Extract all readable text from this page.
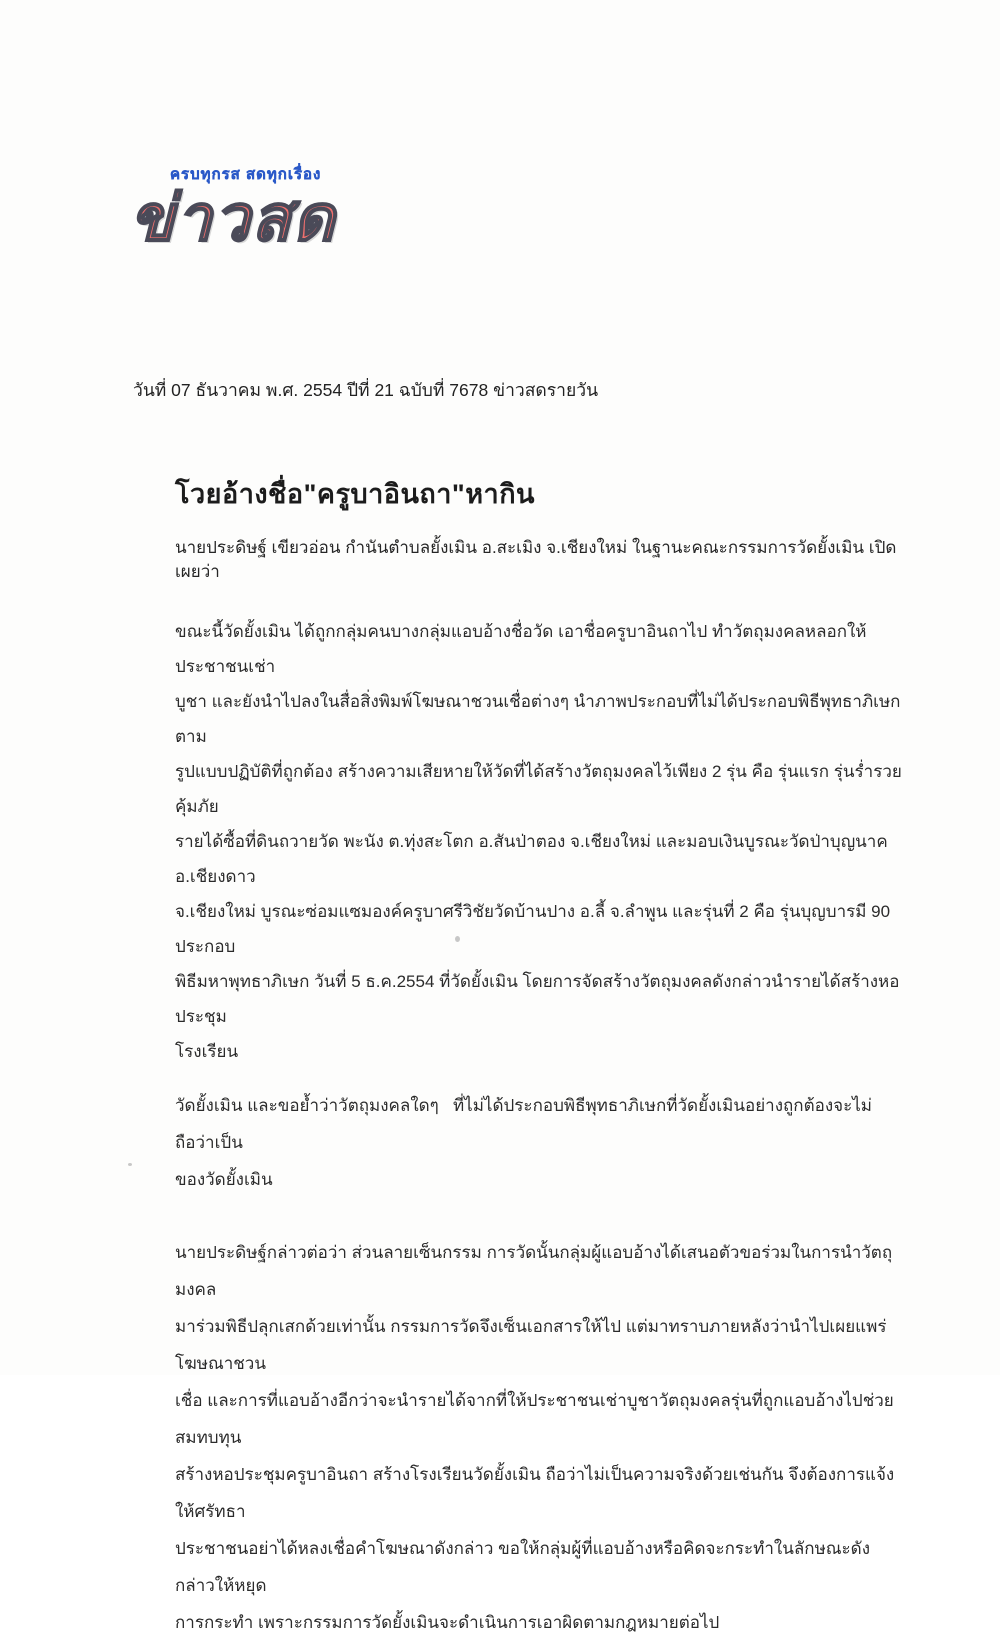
ครบทุกรส สดทุกเรื่อง
ข่าวสด
วันที่ 07 ธันวาคม พ.ศ. 2554 ปีที่ 21 ฉบับที่ 7678 ข่าวสดรายวัน
โวยอ้างชื่อ"ครูบาอินถา"หากิน

นายประดิษฐ์ เขียวอ่อน กำนันตำบลยั้งเมิน อ.สะเมิง จ.เชียงใหม่ ในฐานะคณะกรรมการวัดยั้งเมิน เปิดเผยว่า

ขณะนี้วัดยั้งเมิน ได้ถูกกลุ่มคนบางกลุ่มแอบอ้างชื่อวัด เอาชื่อครูบาอินถาไป ทำวัตถุมงคลหลอกให้ประชาชนเช่า
บูชา และยังนำไปลงในสื่อสิ่งพิมพ์โฆษณาชวนเชื่อต่างๆ นำภาพประกอบที่ไม่ได้ประกอบพิธีพุทธาภิเษกตาม
รูปแบบปฏิบัติที่ถูกต้อง สร้างความเสียหายให้วัดที่ได้สร้างวัตถุมงคลไว้เพียง 2 รุ่น คือ รุ่นแรก รุ่นร่ำรวยคุ้มภัย
รายได้ซื้อที่ดินถวายวัด พะนัง ต.ทุ่งสะโตก อ.สันป่าตอง จ.เชียงใหม่ และมอบเงินบูรณะวัดป่าบุญนาค อ.เชียงดาว
จ.เชียงใหม่ บูรณะซ่อมแซมองค์ครูบาศรีวิชัยวัดบ้านปาง อ.ลี้ จ.ลำพูน และรุ่นที่ 2 คือ รุ่นบุญบารมี 90 ประกอบ
พิธีมหาพุทธาภิเษก วันที่ 5 ธ.ค.2554 ที่วัดยั้งเมิน โดยการจัดสร้างวัตถุมงคลดังกล่าวนำรายได้สร้างหอประชุม
โรงเรียน
วัดยั้งเมิน และขอย้ำว่าวัตถุมงคลใดๆ   ที่ไม่ได้ประกอบพิธีพุทธาภิเษกที่วัดยั้งเมินอย่างถูกต้องจะไม่ถือว่าเป็น
ของวัดยั้งเมิน
นายประดิษฐ์กล่าวต่อว่า ส่วนลายเซ็นกรรม การวัดนั้นกลุ่มผู้แอบอ้างได้เสนอตัวขอร่วมในการนำวัตถุมงคล
มาร่วมพิธีปลุกเสกด้วยเท่านั้น กรรมการวัดจึงเซ็นเอกสารให้ไป แต่มาทราบภายหลังว่านำไปเผยแพร่โฆษณาชวน
เชื่อ และการที่แอบอ้างอีกว่าจะนำรายได้จากที่ให้ประชาชนเช่าบูชาวัตถุมงคลรุ่นที่ถูกแอบอ้างไปช่วยสมทบทุน
สร้างหอประชุมครูบาอินถา สร้างโรงเรียนวัดยั้งเมิน ถือว่าไม่เป็นความจริงด้วยเช่นกัน จึงต้องการแจ้งให้ศรัทธา
ประชาชนอย่าได้หลงเชื่อคำโฆษณาดังกล่าว ขอให้กลุ่มผู้ที่แอบอ้างหรือคิดจะกระทำในลักษณะดังกล่าวให้หยุด
การกระทำ เพราะกรรมการวัดยั้งเมินจะดำเนินการเอาผิดตามกฎหมายต่อไป
